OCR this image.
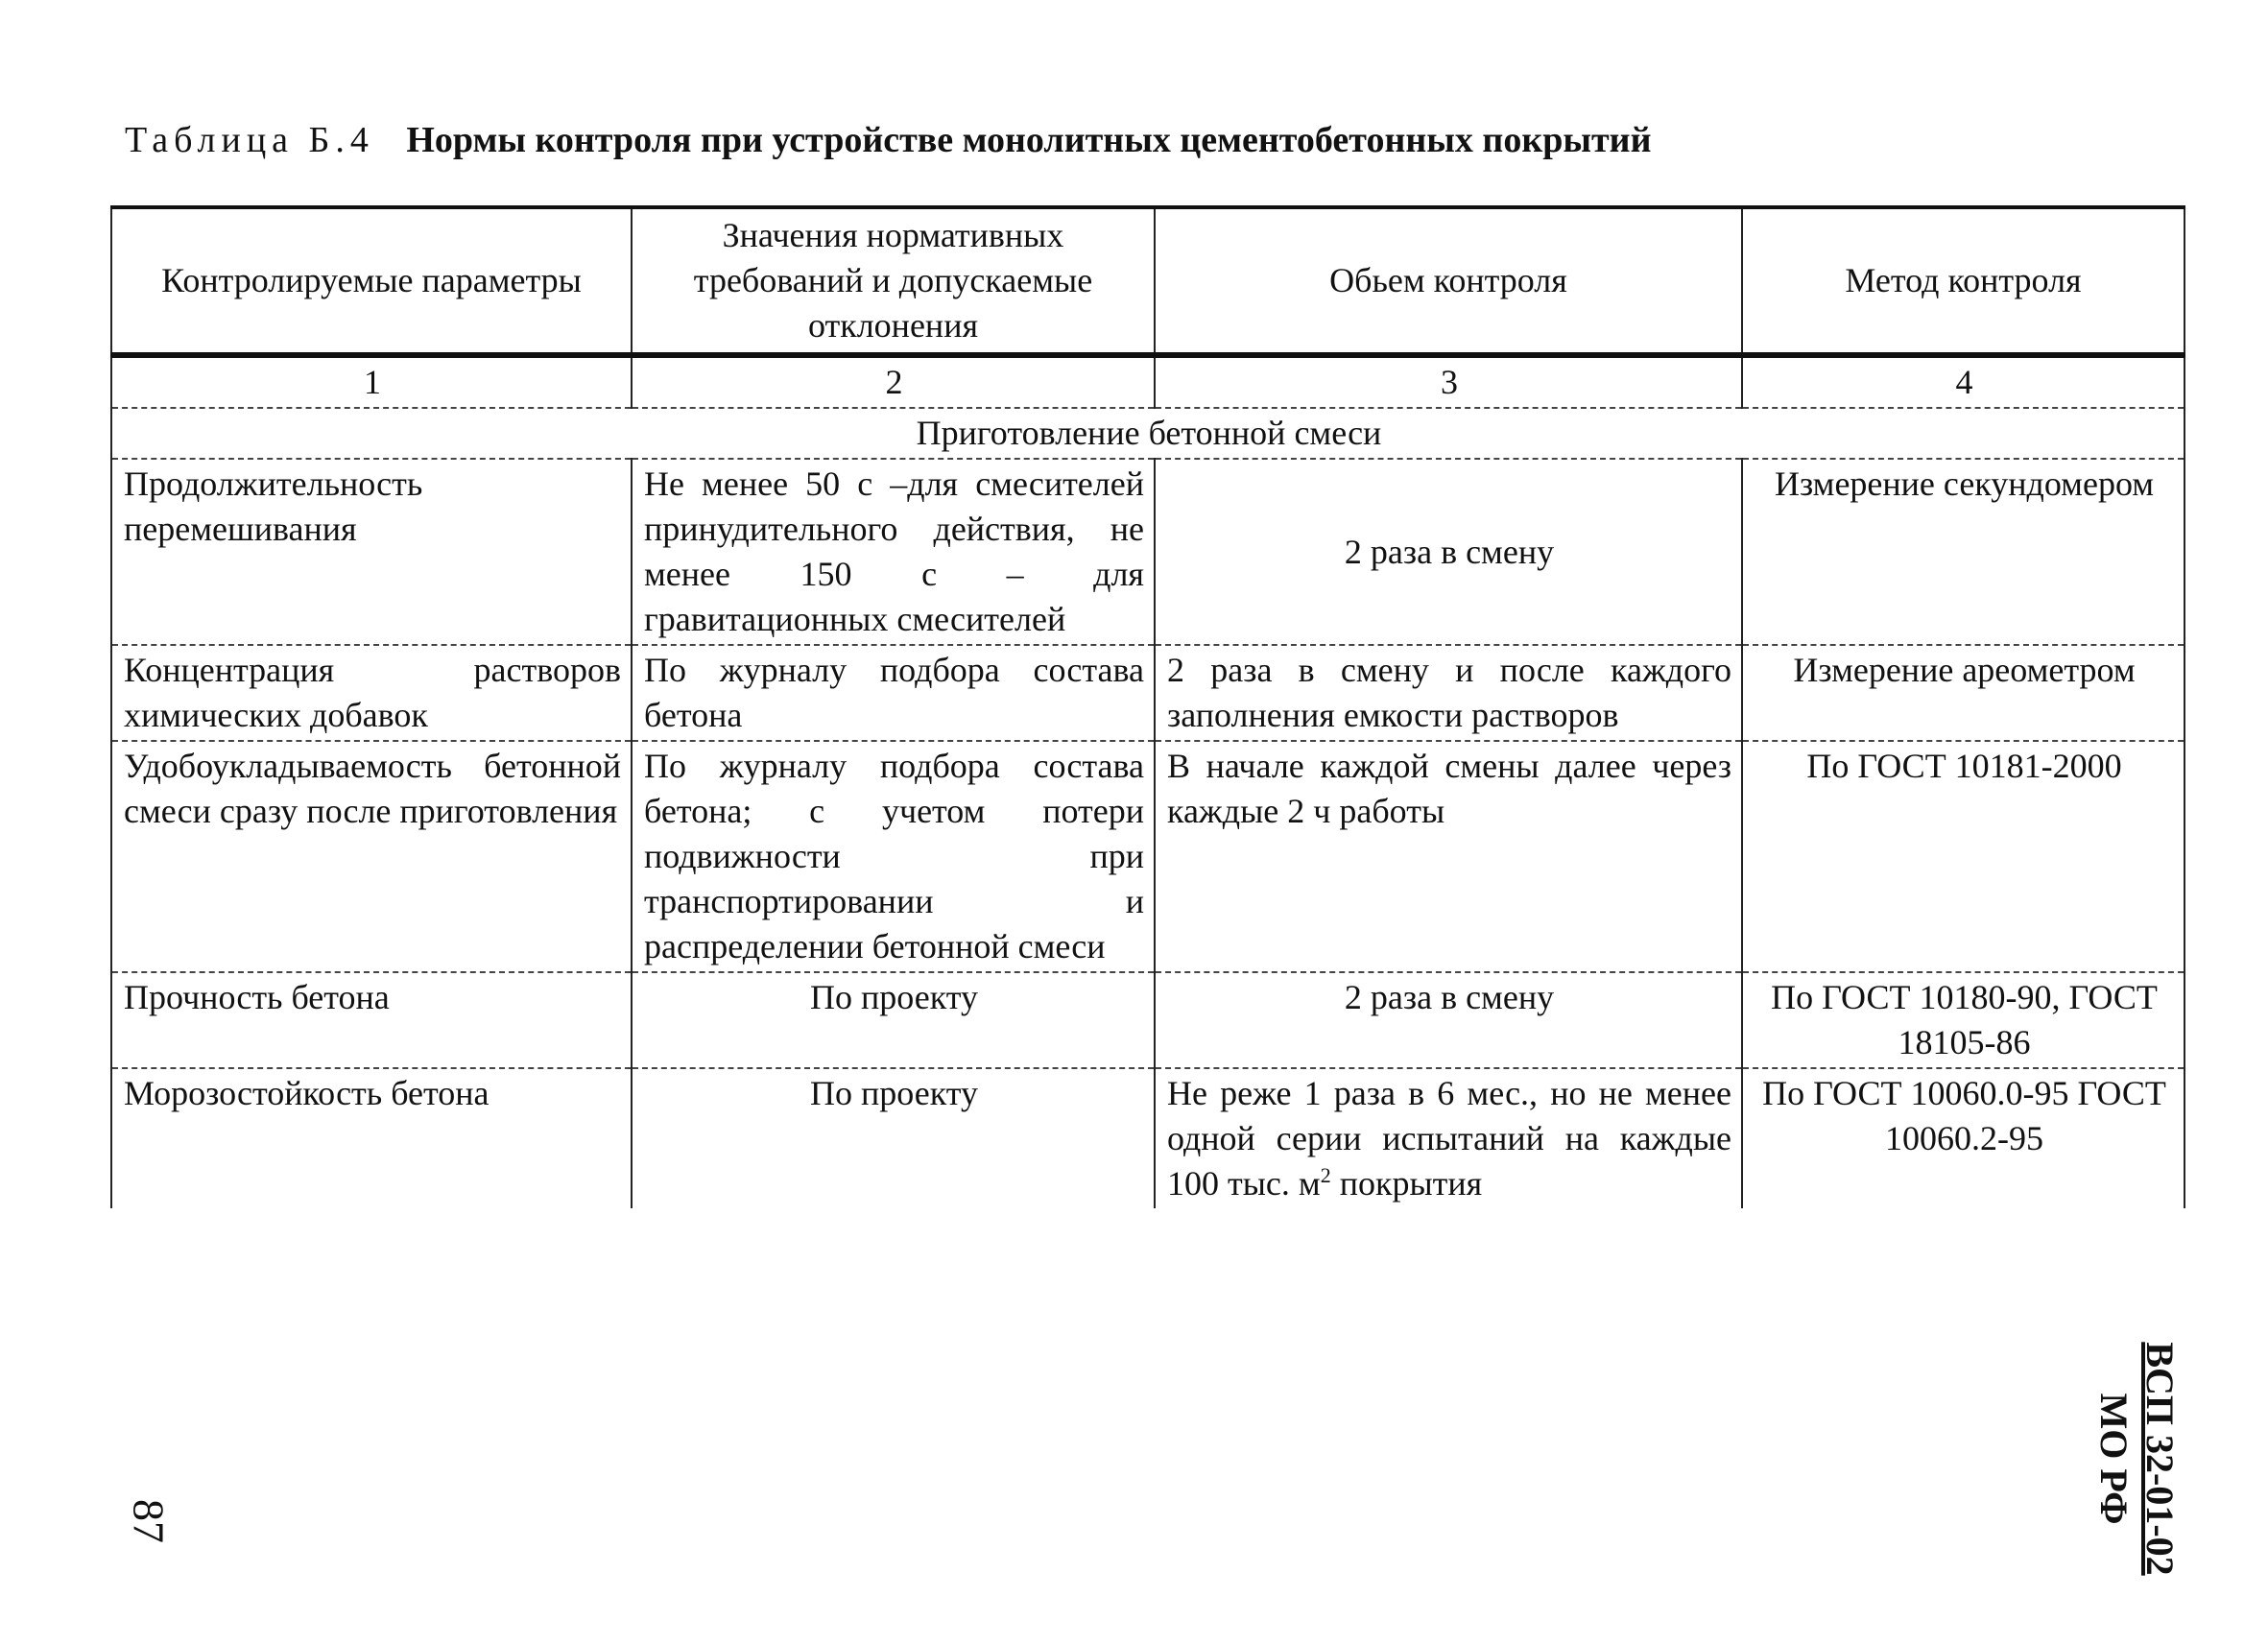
Таблица Б.4 Нормы контроля при устройстве монолитных цементобетонных покрытий
Контролируемые параметры	Значения нормативных требований и допускаемые отклонения	Обьем контроля	Метод контроля
1	2	3	4
Приготовление бетонной смеси			
Продолжительность перемешивания	Не менее 50 с –для смесителей принудительного действия, не менее 150 с – для гравитационных смесителей	2 раза в смену	Измерение секундомером
Концентрация растворов химических добавок	По журналу подбора состава бетона	2 раза в смену и после каждого заполнения емкости растворов	Измерение ареометром
Удобоукладываемость бетонной смеси сразу после приготовления	По журналу подбора состава бетона; с учетом потери подвижности при транспортировании и распределении бетонной смеси	В начале каждой смены далее через каждые 2 ч работы	По ГОСТ 10181-2000
Прочность бетона	По проекту	2 раза в смену	По ГОСТ 10180-90, ГОСТ 18105-86
Морозостойкость бетона	По проекту	Не реже 1 раза в 6 мес., но не менее одной серии испытаний на каждые 100 тыс. $м^2$ покрытия	По ГОСТ 10060.0-95 ГОСТ 10060.2-95
ВСП 32-01-02
МО РФ
87
